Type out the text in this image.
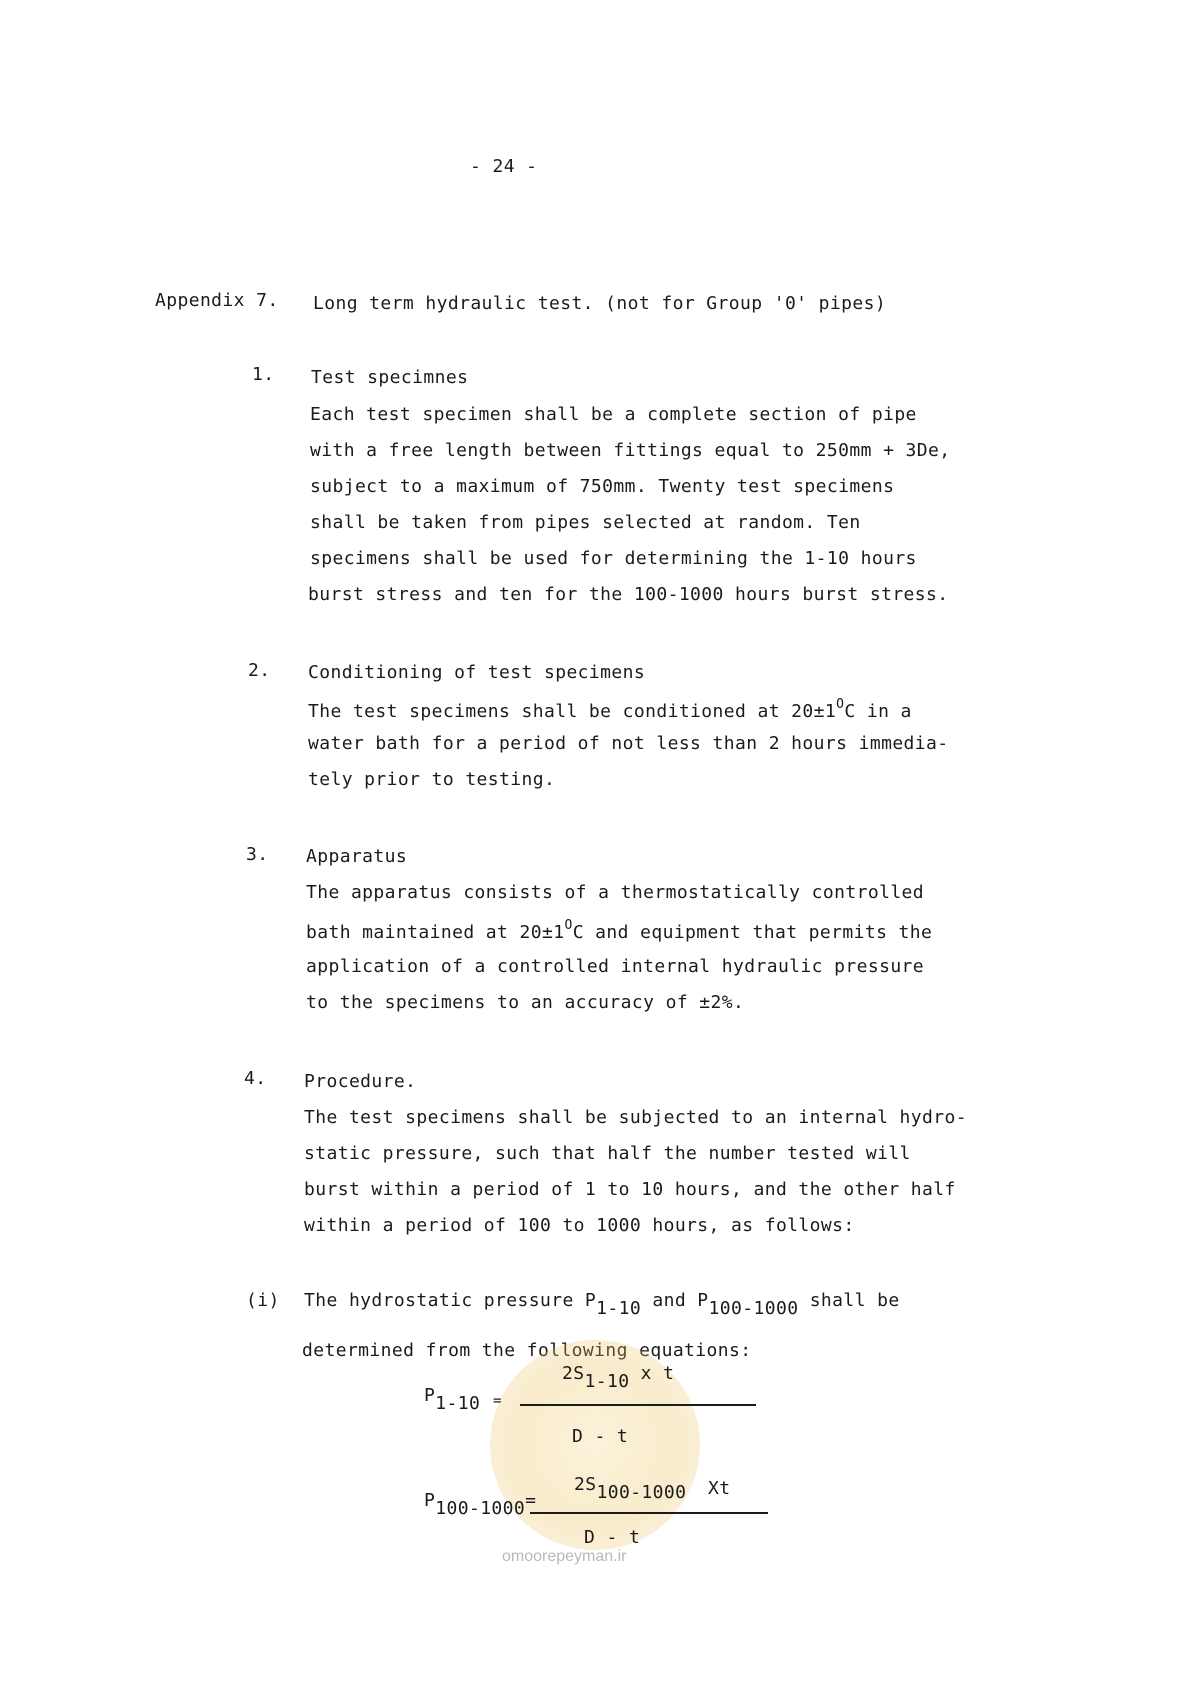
- 24 -
Appendix 7. Long term hydraulic test. (not for Group '0' pipes)
1. Test specimnes
Each test specimen shall be a complete section of pipe
with a free length between fittings equal to 250mm + 3De,
subject to a maximum of 750mm. Twenty test specimens
shall be taken from pipes selected at random. Ten
specimens shall be used for determining the 1-10 hours
burst stress and ten for the 100-1000 hours burst stress.
2. Conditioning of test specimens
The test specimens shall be conditioned at $20\pm 1^OC$ in a
water bath for a period of not less than 2 hours immedia-
tely prior to testing.
3. Apparatus
The apparatus consists of a thermostatically controlled
bath maintained at $20\pm 1^OC$ and equipment that permits the
application of a controlled internal hydraulic pressure
to the specimens to an accuracy of ±2%.
4. Procedure.
The test specimens shall be subjected to an internal hydro-
static pressure, such that half the number tested will
burst within a period of 1 to 10 hours, and the other half
within a period of 100 to 1000 hours, as follows:
(i) The hydrostatic pressure $P_{1-10}$ and $P_{100-1000}$ shall be
determined from the following equations:
omoorepeyman.ir
$P_{1-10}$ =
$2S_{1-10}$ x t
D - t
$P_{100-1000}=$
$2S_{100-1000}$ Xt
D - t
